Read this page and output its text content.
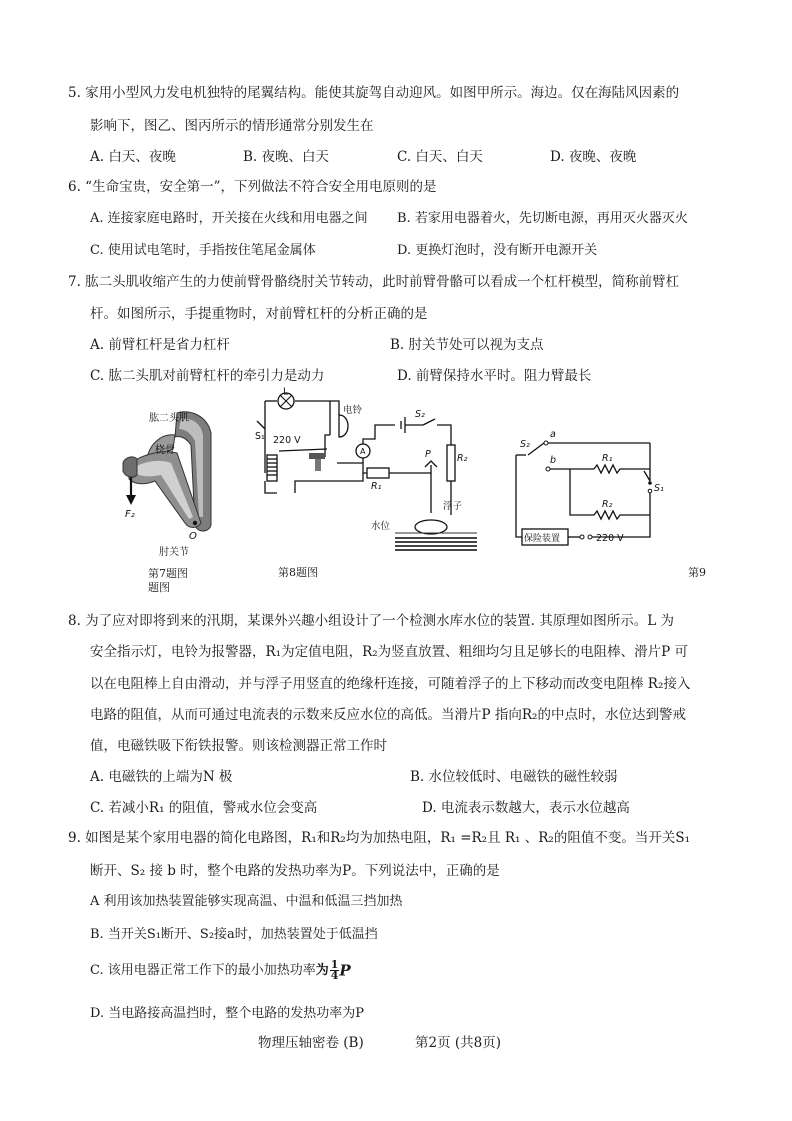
5. 家用小型风力发电机独特的尾翼结构。能使其旋驾自动迎风。如图甲所示。海边。仅在海陆风因素的
影响下，图乙、图丙所示的情形通常分别发生在
A. 白天、夜晚	B. 夜晚、白天	C. 白天、白天	D. 夜晚、夜晚
6. “生命宝贵，安全第一”，下列做法不符合安全用电原则的是
A. 连接家庭电路时，开关接在火线和用电器之间 B. 若家用电器着火，先切断电源，再用灭火器灭火
C. 使用试电笔时，手指按住笔尾金属体	D. 更换灯泡时，没有断开电源开关
7. 肱二头肌收缩产生的力使前臂骨骼绕肘关节转动，此时前臂骨骼可以看成一个杠杆模型，简称前臂杠
杆。如图所示，手提重物时，对前臂杠杆的分析正确的是
A. 前臂杠杆是省力杠杆	B. 肘关节处可以视为支点
C. 肱二头肌对前臂杠杆的牵引力是动力	D. 前臂保持水平时。阻力臂最长
肱二头肌
桡骨
F₂
O
肘关节
第7题图
题图
L
S₁ 220 V
电铃	S₂
R₂
A
R₁
P
浮子
水位
第8题图
S₂
a
b	R₁
R₂
S₁
保险装置	220 V
第9
8. 为了应对即将到来的汛期，某课外兴趣小组设计了一个检测水库水位的装置. 其原理如图所示。L 为
安全指示灯，电铃为报警器，R₁为定值电阻，R₂为竖直放置、粗细均匀且足够长的电阻棒、滑片P 可
以在电阻棒上自由滑动，并与浮子用竖直的绝缘杆连接，可随着浮子的上下移动而改变电阻棒 R₂接入
电路的阻值，从而可通过电流表的示数来反应水位的高低。当滑片P 指向R₂的中点时，水位达到警戒
值，电磁铁吸下衔铁报警。则该检测器正常工作时
A. 电磁铁的上端为N 极	B. 水位较低时、电磁铁的磁性较弱
C. 若减小R₁ 的阻值，警戒水位会变高	D. 电流表示数越大，表示水位越高
9. 如图是某个家用电器的简化电路图，R₁和R₂均为加热电阻，R₁ =R₂且 R₁ 、R₂的阻值不变。当开关S₁
断开、S₂ 接 b 时，整个电路的发热功率为P。下列说法中，正确的是
A 利用该加热装置能够实现高温、中温和低温三挡加热
B. 当开关S₁断开、S₂接a时，加热装置处于低温挡
C. 该用电器正常工作下的最小加热功率为 $\frac{1}{4}$ P
D. 当电路接高温挡时，整个电路的发热功率为P
物理压轴密卷 (B)	第2页 (共8页)
